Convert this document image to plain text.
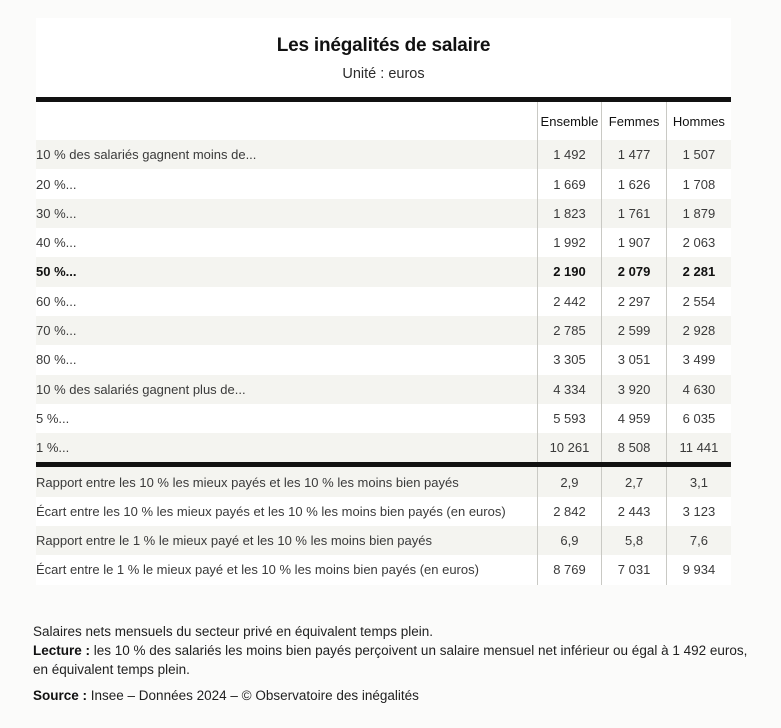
Les inégalités de salaire
Unité : euros
	Ensemble	Femmes	Hommes
10 % des salariés gagnent moins de...	1 492	1 477	1 507
20 %...	1 669	1 626	1 708
30 %...	1 823	1 761	1 879
40 %...	1 992	1 907	2 063
50 %...	2 190	2 079	2 281
60 %...	2 442	2 297	2 554
70 %...	2 785	2 599	2 928
80 %...	3 305	3 051	3 499
10 % des salariés gagnent plus de...	4 334	3 920	4 630
5 %...	5 593	4 959	6 035
1 %...	10 261	8 508	11 441
Rapport entre les 10 % les mieux payés et les 10 % les moins bien payés	2,9	2,7	3,1
Écart entre les 10 % les mieux payés et les 10 % les moins bien payés (en euros)	2 842	2 443	3 123
Rapport entre le 1 % le mieux payé et les 10 % les moins bien payés	6,9	5,8	7,6
Écart entre le 1 % le mieux payé et les 10 % les moins bien payés (en euros)	8 769	7 031	9 934

Salaires nets mensuels du secteur privé en équivalent temps plein.

Lecture : les 10 % des salariés les moins bien payés perçoivent un salaire mensuel net inférieur ou égal à 1 492 euros, en équivalent temps plein.

Source : Insee – Données 2024 – © Observatoire des inégalités
